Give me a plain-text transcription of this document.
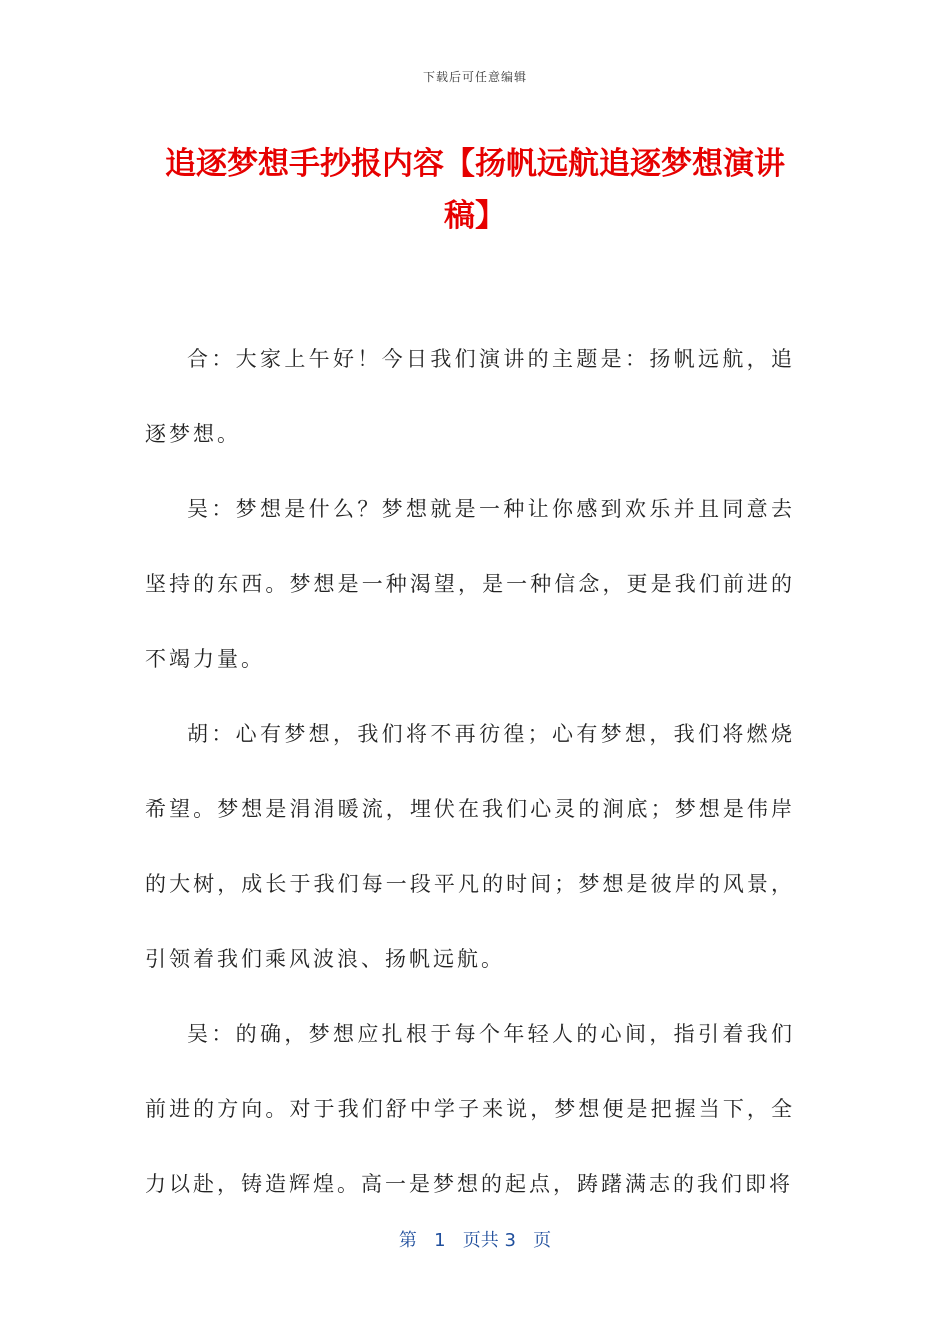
下载后可任意编辑
追逐梦想手抄报内容【扬帆远航追逐梦想演讲稿】

合：大家上午好！今日我们演讲的主题是：扬帆远航，追逐梦想。

吴：梦想是什么？梦想就是一种让你感到欢乐并且同意去坚持的东西。梦想是一种渴望，是一种信念，更是我们前进的不竭力量。

胡：心有梦想，我们将不再彷徨；心有梦想，我们将燃烧希望。梦想是涓涓暖流，埋伏在我们心灵的涧底；梦想是伟岸的大树，成长于我们每一段平凡的时间；梦想是彼岸的风景，引领着我们乘风波浪、扬帆远航。

吴：的确，梦想应扎根于每个年轻人的心间，指引着我们前进的方向。对于我们舒中学子来说，梦想便是把握当下，全力以赴，铸造辉煌。高一是梦想的起点，踌躇满志的我们即将

第 1 页共 3 页
